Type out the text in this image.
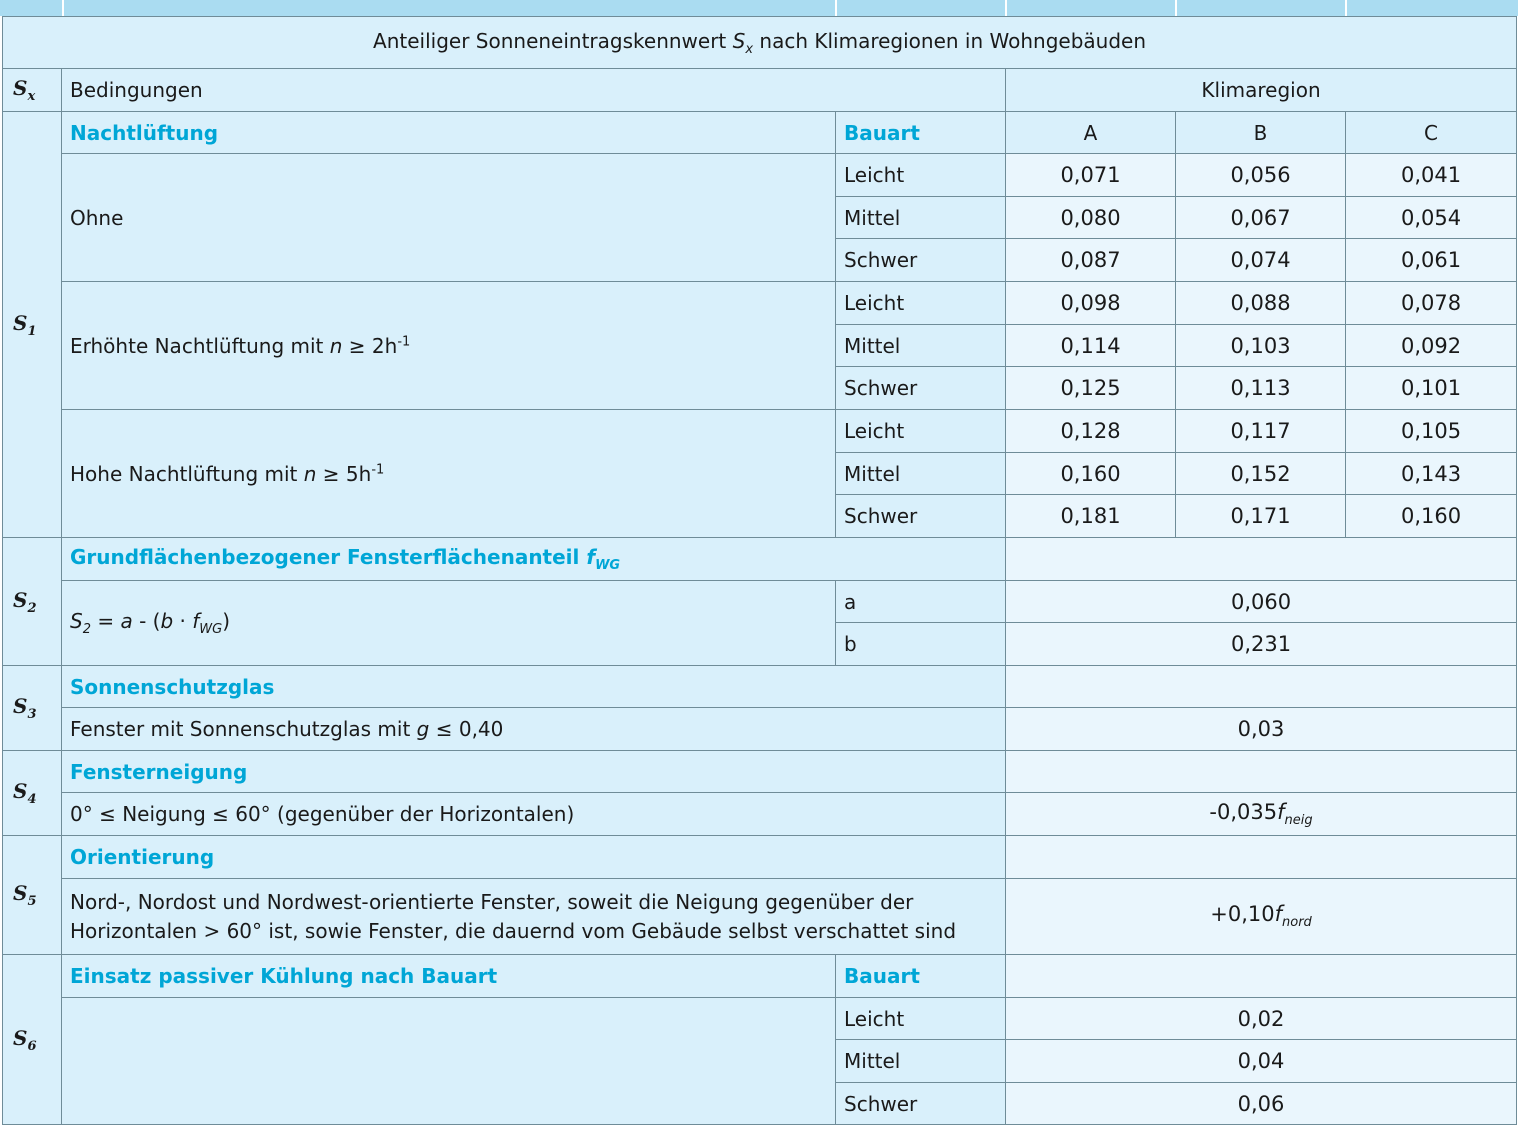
Anteiliger Sonneneintragskennwert $S_x$ nach Klimaregionen in Wohngebäuden					
$S_x$	Bedingungen		Klimaregion		
$S_1$	Nachtlüftung	Bauart	A	B	C
	Ohne	Leicht	0,071	0,056	0,041
		Mittel	0,080	0,067	0,054
		Schwer	0,087	0,074	0,061
	Erhöhte Nachtlüftung mit $n \ge 2h^{-1}$	Leicht	0,098	0,088	0,078
		Mittel	0,114	0,103	0,092
		Schwer	0,125	0,113	0,101
	Hohe Nachtlüftung mit $n \ge 5h^{-1}$	Leicht	0,128	0,117	0,105
		Mittel	0,160	0,152	0,143
		Schwer	0,181	0,171	0,160
$S_2$	Grundflächenbezogener Fensterflächenanteil $f_{WG}$	
	$S_2 = a - (b \cdot f_{WG})$	a	0,060		
		b	0,231		
$S_3$	Sonnenschutzglas				
	Fenster mit Sonnenschutzglas mit g ≤ 0,40		0,03		
$S_4$	Fensterneigung				
	0° ≤ Neigung ≤ 60° (gegenüber der Horizontalen)		$-0,035f_{neig}$
$S_5$	Orientierung				
	Nord-, Nordost und Nordwest-orientierte Fenster, soweit die Neigung gegenüber der
Horizontalen > 60° ist, sowie Fenster, die dauernd vom Gebäude selbst verschattet sind		$+0,10f_{nord}$
$S_6$	Einsatz passiver Kühlung nach Bauart	Bauart			
		Leicht	0,02		
		Mittel	0,04		
		Schwer	0,06		
